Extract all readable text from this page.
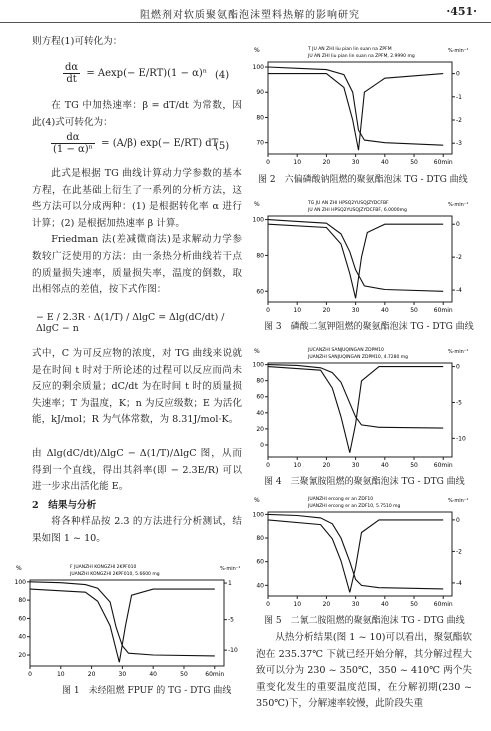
阻燃剂对软质聚氨酯泡沫塑料热解的影响研究	·451·

则方程(1)可转化为：

$\frac{d\alpha}{dt} = Aexp(- E/RT)(1 - \alpha)^n$ (4)

在 TG 中加热速率：β = dT/dt 为常数，因此(4)式可转化为：

$\frac{d\alpha}{\text{(1 − α)ⁿ}} = (A/\beta)$ exp(− E/RT) dT
(5)

此式是根据 TG 曲线计算动力学参数的基本方程，在此基础上衍生了一系列的分析方法，这些方法可以分成两种：(1) 是根据转化率 α 进行计算；(2) 是根据加热速率 β 计算。

Friedman 法(差减微商法)是求解动力学参数较广泛使用的方法：由一条热分析曲线若干点的质量损失速率，质量损失率，温度的倒数，取出相邻点的差值，按下式作图：

− E / 2.3R · Δ(1/T) / ΔlgC = Δlg(dC/dt) / ΔlgC − n

式中，C 为可反应物的浓度，对 TG 曲线来说就是在时间 t 时对于所论述的过程可以反应而尚未反应的剩余质量；dC/dt 为在时间 t 时的质量损失速率；T 为温度，K；n 为反应级数；E 为活化能，kJ/mol；R 为气体常数，为 8.31J/mol·K。

由 Δlg(dC/dt)/ΔlgC − Δ(1/T)/ΔlgC 图，从而得到一个直线，得出其斜率(即 − 2.3E/R) 可以进一步求出活化能 E。

2　结果与分析

将各种样品按 2.3 的方法进行分析测试，结果如图 1 ~ 10。

F JUANZHI KONGZHI 2KPF010
JUANZHI KONGZHI 2KPF010, 5.6600 mg
%	%·min⁻¹
0	10	20	30	40	50	60min
100
80
60
40
20
1
-5
-10
图 1　未经阻燃 FPUF 的 TG - DTG 曲线
T JU AN ZHI liu pian lin suan na ZPFM
JU AN ZHI liu pian lin suan na ZPFM, 2.9990 mg
%	%·min⁻¹
0	10	20	30	40	50	60min
100
90
80
70
0
-1
-2
-3
图 2　六偏磷酸钠阻燃的聚氨酯泡沫 TG - DTG 曲线
TG JU AN ZHI HPSQ2YUSQJZYDCFBF
JU AN ZHI HPSQ2YUSQJZYDCFBF, 6.0000mg
%	%·min⁻¹
0	10	20	30	40	50	60min
100
80
60
0
-2
-4
图 3　磷酸二氢钾阻燃的聚氨酯泡沫 TG - DTG 曲线
JUCANZHI SANJUQINGAN ZDPM10
JUANZHI SANJUQINGAN ZDPM10, 4.7280 mg
%	%·min⁻¹
0	10	20	30	40	50	60min
100
80
60
40
20
0
0
-5
-10
图 4　三聚氰胺阻燃的聚氨酯泡沫 TG - DTG 曲线
JUANZHI ercong er an ZDF10
JUANZHI ercong er an ZDF10, 5.7510 mg
%	%·min⁻¹
0	10	20	30	40	50	60min
100
80
60
40
0
-2
-4
图 5　二氰二胺阻燃的聚氨酯泡沫 TG - DTG 曲线

从热分析结果(图 1 ~ 10)可以看出，聚氨酯软泡在 235.37℃ 下就已经开始分解，其分解过程大致可以分为 230 ~ 350℃，350 ~ 410℃ 两个失重变化发生的重要温度范围，在分解初期(230 ~ 350℃)下，分解速率较慢，此阶段失重
